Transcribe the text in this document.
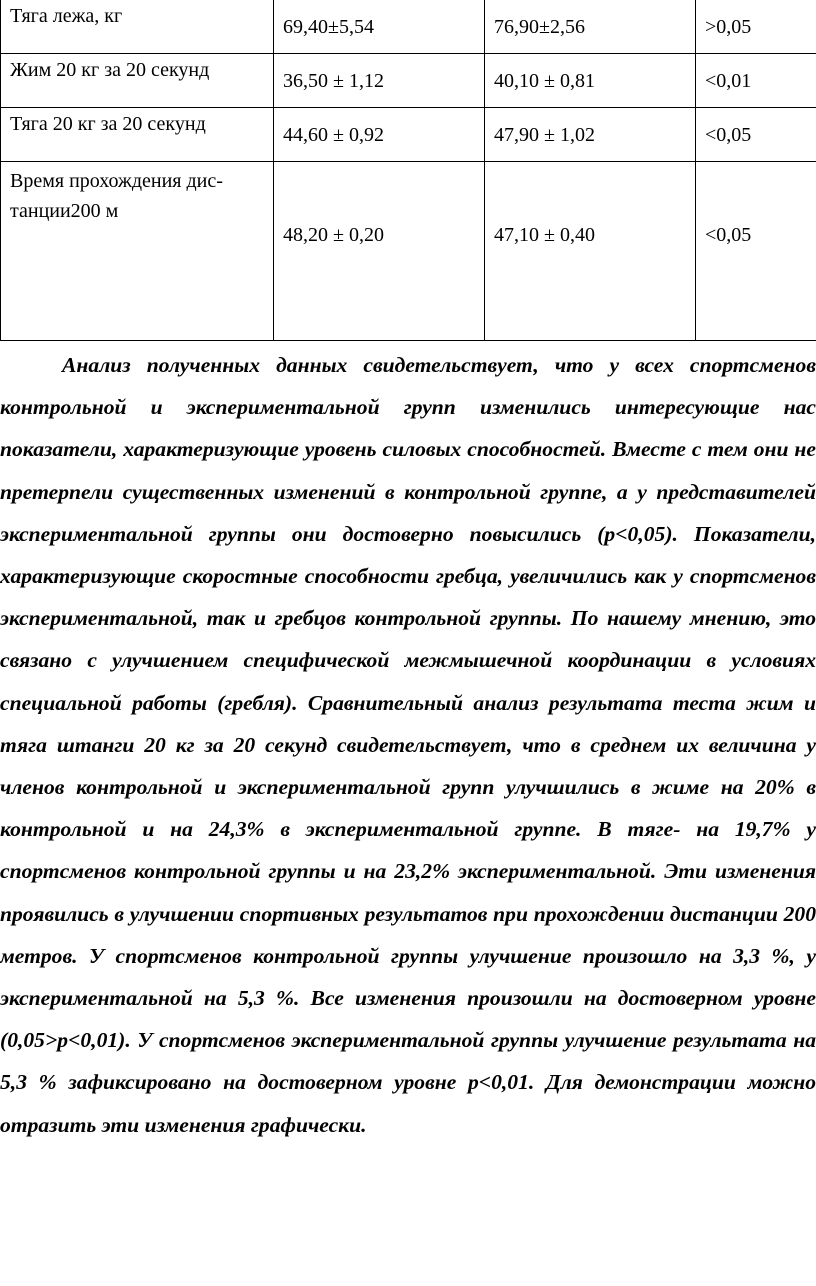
Тяга лежа, кг	69,40±5,54	76,90±2,56	>0,05
Жим 20 кг за 20 секунд	36,50 ± 1,12	40,10 ± 0,81	<0,01
Тяга 20 кг за 20 секунд	44,60 ± 0,92	47,90 ± 1,02	<0,05
Время прохождения дис-танции200 м	48,20 ± 0,20	47,10 ± 0,40	<0,05

Анализ полученных данных свидетельствует, что у всех спортсменов контрольной и экспериментальной групп изменились интересующие нас показатели, характеризующие уровень силовых способностей. Вместе с тем они не претерпели существенных изменений в контрольной группе, а у представителей экспериментальной группы они достоверно повысились (p<0,05). Показатели, характеризующие скоростные способности гребца, увеличились как у спортсменов экспериментальной, так и гребцов контрольной группы. По нашему мнению, это связано с улучшением специфической межмышечной координации в условиях специальной работы (гребля). Сравнительный анализ результата теста жим и тяга штанги 20 кг за 20 секунд свидетельствует, что в среднем их величина у членов контрольной и экспериментальной групп улучшились в жиме на 20% в контрольной и на 24,3% в экспериментальной группе. В тяге- на 19,7% у спортсменов контрольной группы и на 23,2% экспериментальной. Эти изменения проявились в улучшении спортивных результатов при прохождении дистанции 200 метров. У спортсменов контрольной группы улучшение произошло на 3,3 %, у экспериментальной на 5,3 %. Все изменения произошли на достоверном уровне (0,05>p<0,01). У спортсменов экспериментальной группы улучшение результата на 5,3 % зафиксировано на достоверном уровне p<0,01. Для демонстрации можно отразить эти изменения графически.
